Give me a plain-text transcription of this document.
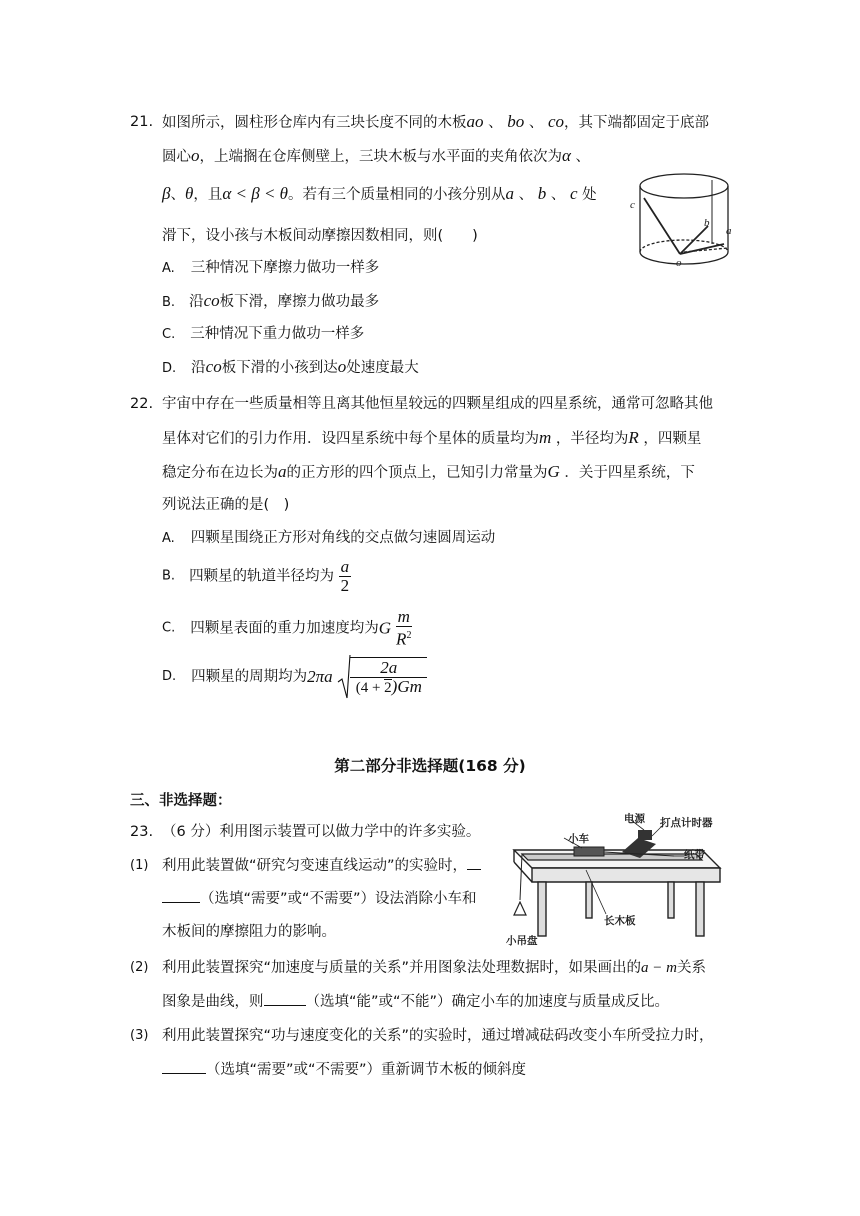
21. 如图所示，圆柱形仓库内有三块长度不同的木板ao 、 bo 、 co，其下端都固定于底部
圆心o，上端搁在仓库侧壁上，三块木板与水平面的夹角依次为α 、
β、θ，且α < β < θ。若有三个质量相同的小孩分别从a 、 b 、 c 处
滑下，设小孩与木板间动摩擦因数相同，则(　　)
A. 三种情况下摩擦力做功一样多
B. 沿co板下滑，摩擦力做功最多
C. 三种情况下重力做功一样多
D. 沿co板下滑的小孩到达o处速度最大
c
b
a
o
22. 宇宙中存在一些质量相等且离其他恒星较远的四颗星组成的四星系统，通常可忽略其他
星体对它们的引力作用．设四星系统中每个星体的质量均为m ，半径均为R ，四颗星
稳定分布在边长为a的正方形的四个顶点上，已知引力常量为G ．关于四星系统，下
列说法正确的是(　)
A. 四颗星围绕正方形对角线的交点做匀速圆周运动
B. 四颗星的轨道半径均为 $\frac{a}{2}$
C. 四颗星表面的重力加速度均为G $\frac{m}{R^2}$
D. 四颗星的周期均为$2\pi a \frac{2a}{(4 + 2)Gm}$
第二部分非选择题(168 分)
三、非选择题：
23. （6 分）利用图示装置可以做力学中的许多实验。
(1) 利用此装置做“研究匀变速直线运动”的实验时，
（选填“需要”或“不需要”）设法消除小车和
木板间的摩擦阻力的影响。
电源 打点计时器
小车
纸带
长木板
小吊盘
(2) 利用此装置探究“加速度与质量的关系”并用图象法处理数据时，如果画出的a − m关系
图象是曲线，则	（选填“能”或“不能”）确定小车的加速度与质量成反比。
(3) 利用此装置探究“功与速度变化的关系”的实验时，通过增减砝码改变小车所受拉力时，
（选填“需要”或“不需要”）重新调节木板的倾斜度
